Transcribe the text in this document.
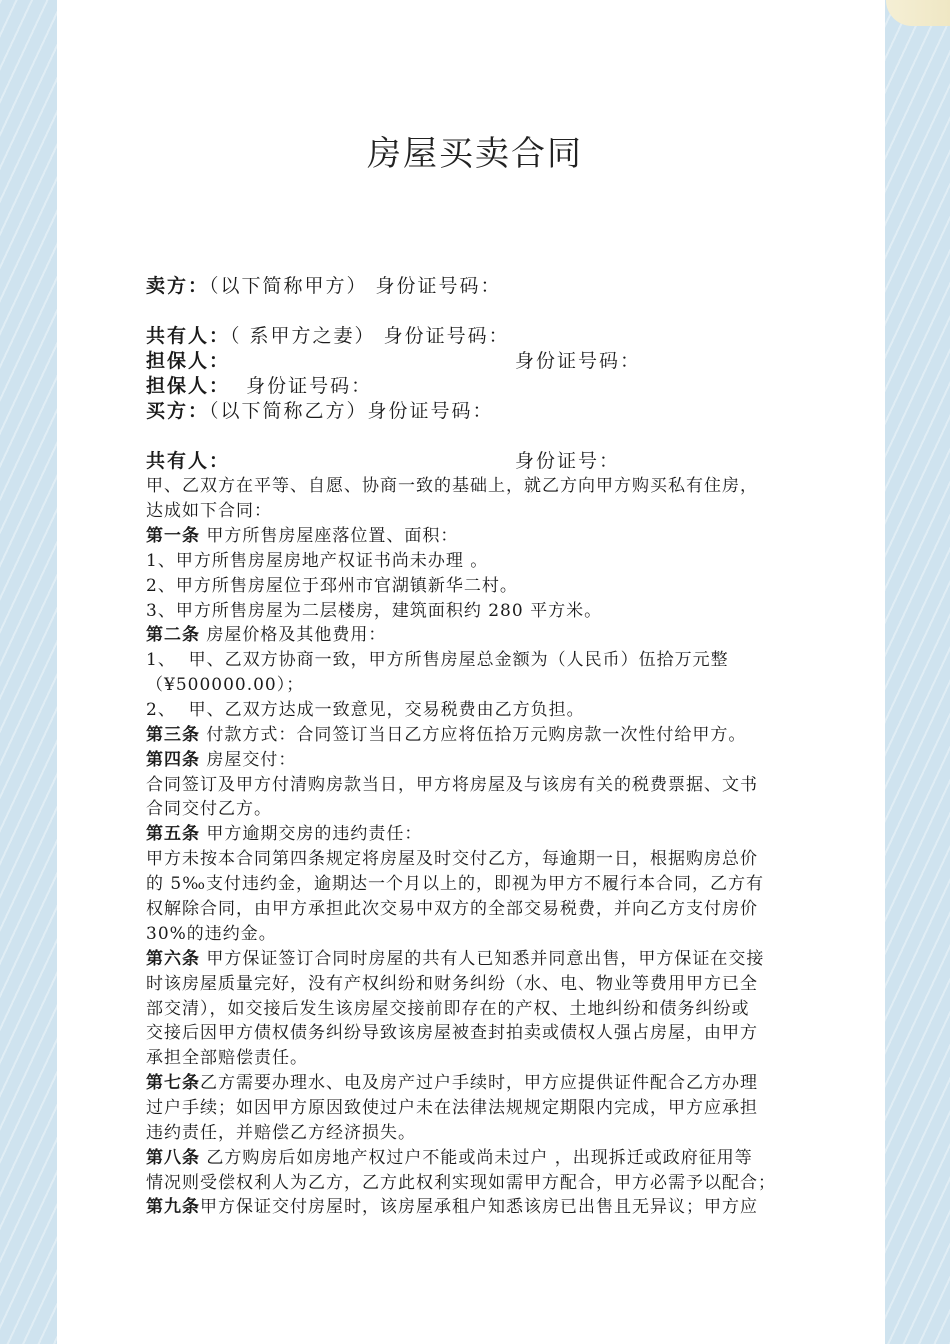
房屋买卖合同
卖方：（以下简称甲方） 身份证号码：
共有人：（ 系甲方之妻） 身份证号码：
担保人：	身份证号码：
担保人：  身份证号码：
买方：（以下简称乙方）身份证号码：
共有人：	身份证号：
甲、乙双方在平等、自愿、协商一致的基础上，就乙方向甲方购买私有住房，
达成如下合同：
第一条 甲方所售房屋座落位置、面积：
1、甲方所售房屋房地产权证书尚未办理 。
2、甲方所售房屋位于邳州市官湖镇新华二村。
3、甲方所售房屋为二层楼房，建筑面积约 280 平方米。
第二条 房屋价格及其他费用：
1、  甲、乙双方协商一致，甲方所售房屋总金额为（人民币）伍拾万元整
（¥500000.00）；
2、  甲、乙双方达成一致意见，交易税费由乙方负担。
第三条 付款方式：合同签订当日乙方应将伍拾万元购房款一次性付给甲方。
第四条 房屋交付：
合同签订及甲方付清购房款当日，甲方将房屋及与该房有关的税费票据、文书
合同交付乙方。
第五条 甲方逾期交房的违约责任：
甲方未按本合同第四条规定将房屋及时交付乙方，每逾期一日，根据购房总价
的 5‰支付违约金，逾期达一个月以上的，即视为甲方不履行本合同，乙方有
权解除合同，由甲方承担此次交易中双方的全部交易税费，并向乙方支付房价
30%的违约金。
第六条 甲方保证签订合同时房屋的共有人已知悉并同意出售，甲方保证在交接
时该房屋质量完好，没有产权纠纷和财务纠纷（水、电、物业等费用甲方已全
部交清），如交接后发生该房屋交接前即存在的产权、土地纠纷和债务纠纷或
交接后因甲方债权债务纠纷导致该房屋被查封拍卖或债权人强占房屋，由甲方
承担全部赔偿责任。
第七条乙方需要办理水、电及房产过户手续时，甲方应提供证件配合乙方办理
过户手续；如因甲方原因致使过户未在法律法规规定期限内完成，甲方应承担
违约责任，并赔偿乙方经济损失。
第八条 乙方购房后如房地产权过户不能或尚未过户 ，出现拆迁或政府征用等
情况则受偿权利人为乙方，乙方此权利实现如需甲方配合，甲方必需予以配合；
第九条甲方保证交付房屋时，该房屋承租户知悉该房已出售且无异议；甲方应
